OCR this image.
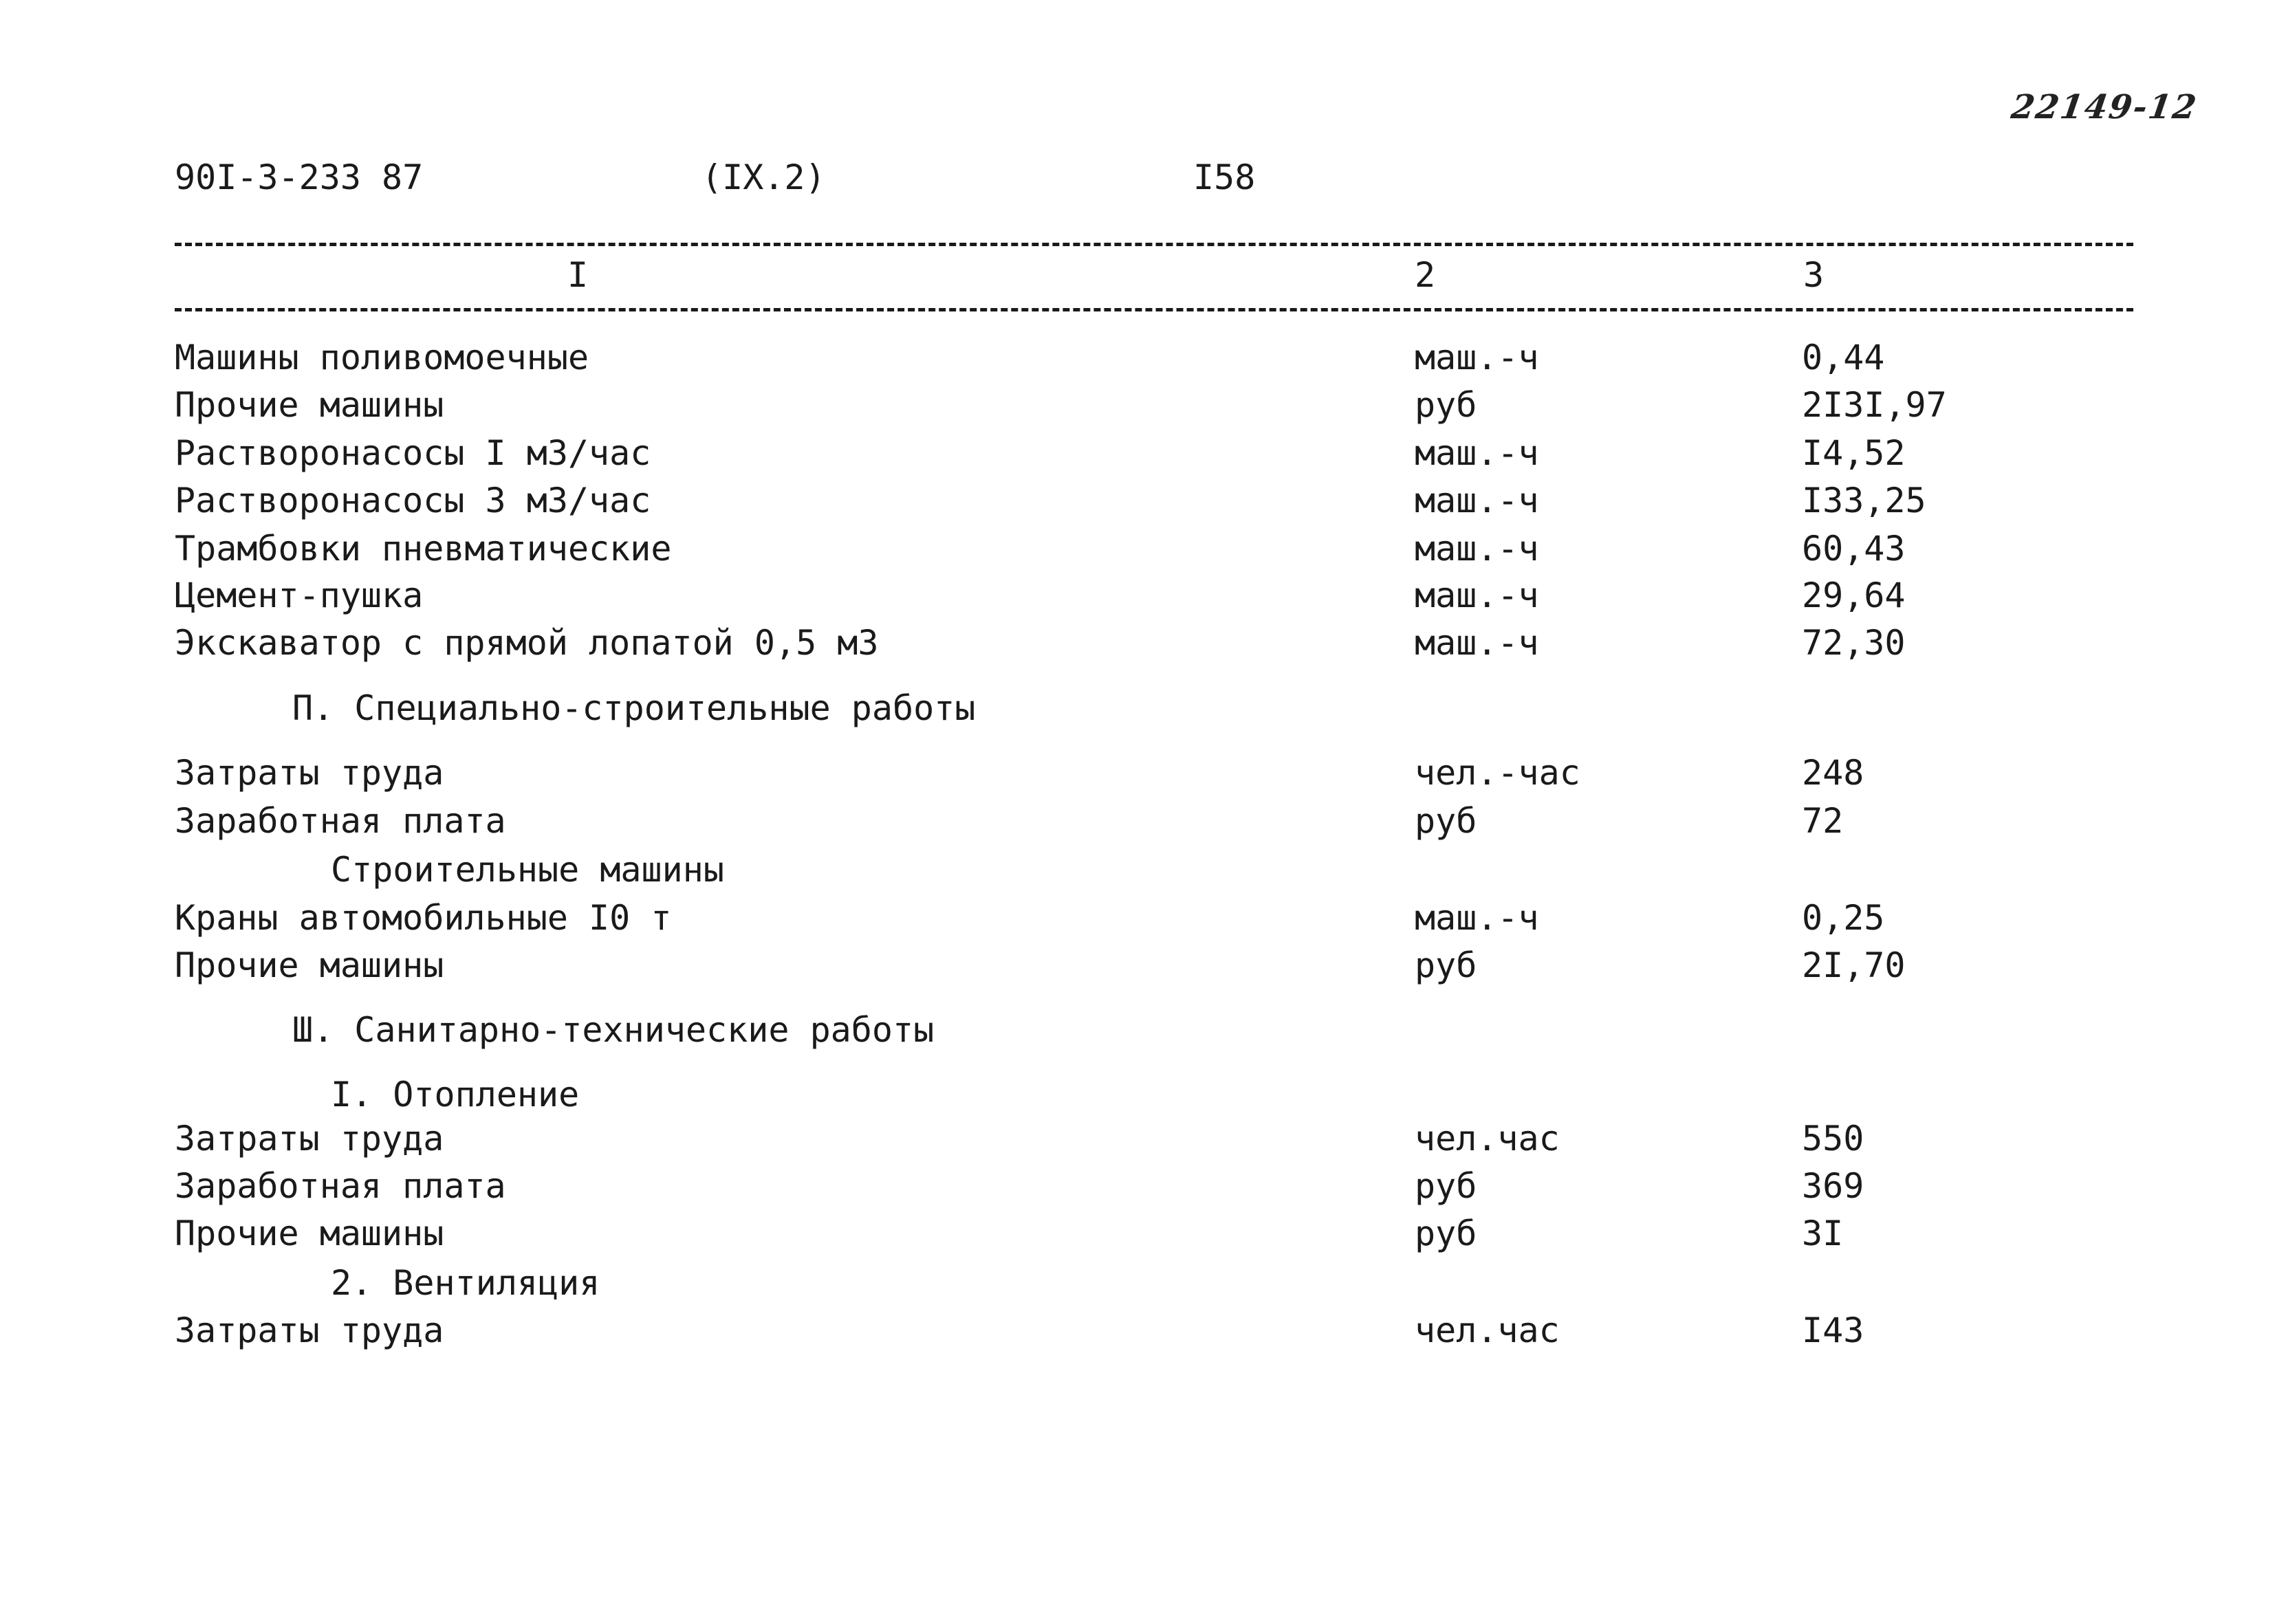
22149-12
90I-3-233 87	(IX.2)	I58
I	2	3
Машины поливомоечные	маш.-ч	0,44
Прочие машины	руб	2I3I,97
Растворонасосы I м3/час	маш.-ч	I4,52
Растворонасосы 3 м3/час	маш.-ч	I33,25
Трамбовки пневматические	маш.-ч	60,43
Цемент-пушка	маш.-ч	29,64
Экскаватор с прямой лопатой 0,5 м3	маш.-ч	72,30
П. Специально-строительные работы
Затраты труда	чел.-час	248
Заработная плата	руб	72
Строительные машины
Краны автомобильные I0 т	маш.-ч	0,25
Прочие машины	руб	2I,70
Ш. Санитарно-технические работы
I. Отопление
Затраты труда	чел.час	550
Заработная плата	руб	369
Прочие машины	руб	3I
2. Вентиляция
Затраты труда	чел.час	I43
